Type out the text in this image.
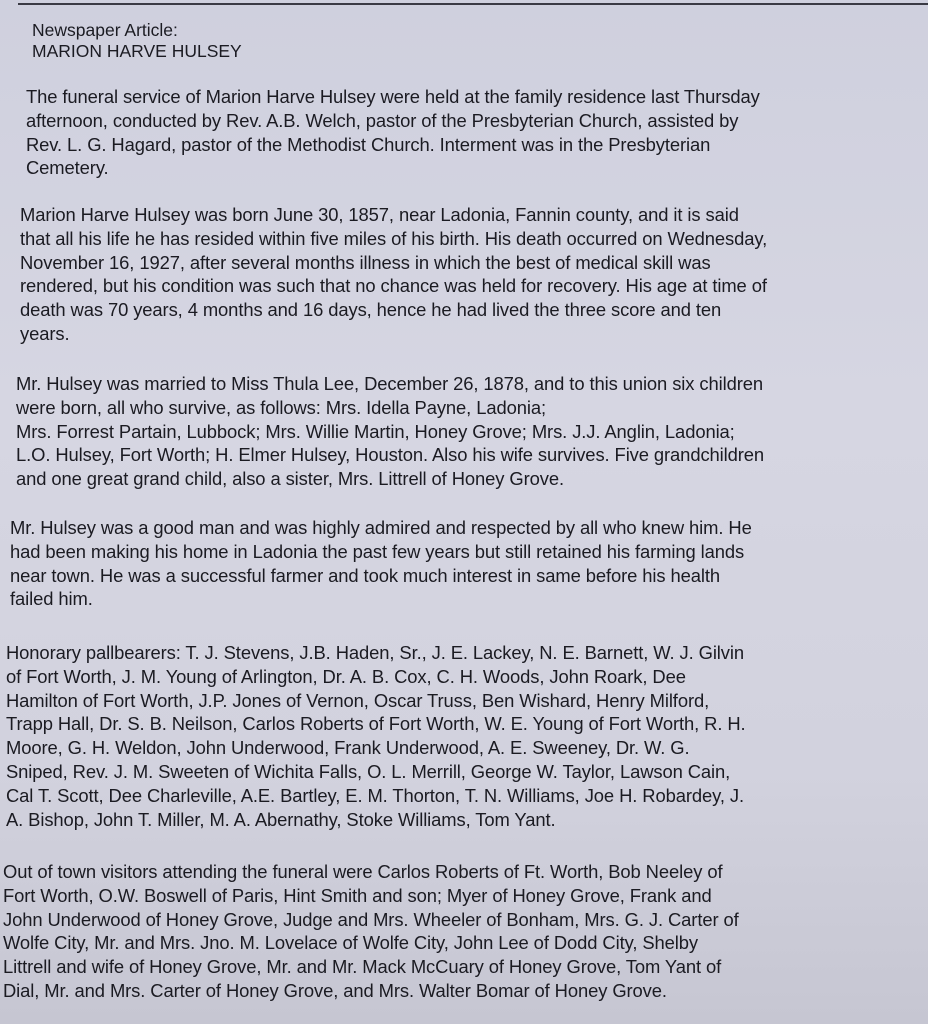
Newspaper Article:
MARION HARVE HULSEY
The funeral service of Marion Harve Hulsey were held at the family residence last Thursday
afternoon, conducted by Rev. A.B. Welch, pastor of the Presbyterian Church, assisted by
Rev. L. G. Hagard, pastor of the Methodist Church. Interment was in the Presbyterian
Cemetery.
Marion Harve Hulsey was born June 30, 1857, near Ladonia, Fannin county, and it is said
that all his life he has resided within five miles of his birth. His death occurred on Wednesday,
November 16, 1927, after several months illness in which the best of medical skill was
rendered, but his condition was such that no chance was held for recovery. His age at time of
death was 70 years, 4 months and 16 days, hence he had lived the three score and ten
years.
Mr. Hulsey was married to Miss Thula Lee, December 26, 1878, and to this union six children
were born, all who survive, as follows: Mrs. Idella Payne, Ladonia;
Mrs. Forrest Partain, Lubbock; Mrs. Willie Martin, Honey Grove; Mrs. J.J. Anglin, Ladonia;
L.O. Hulsey, Fort Worth; H. Elmer Hulsey, Houston. Also his wife survives. Five grandchildren
and one great grand child, also a sister, Mrs. Littrell of Honey Grove.
Mr. Hulsey was a good man and was highly admired and respected by all who knew him. He
had been making his home in Ladonia the past few years but still retained his farming lands
near town. He was a successful farmer and took much interest in same before his health
failed him.
Honorary pallbearers: T. J. Stevens, J.B. Haden, Sr., J. E. Lackey, N. E. Barnett, W. J. Gilvin
of Fort Worth, J. M. Young of Arlington, Dr. A. B. Cox, C. H. Woods, John Roark, Dee
Hamilton of Fort Worth, J.P. Jones of Vernon, Oscar Truss, Ben Wishard, Henry Milford,
Trapp Hall, Dr. S. B. Neilson, Carlos Roberts of Fort Worth, W. E. Young of Fort Worth, R. H.
Moore, G. H. Weldon, John Underwood, Frank Underwood, A. E. Sweeney, Dr. W. G.
Sniped, Rev. J. M. Sweeten of Wichita Falls, O. L. Merrill, George W. Taylor, Lawson Cain,
Cal T. Scott, Dee Charleville, A.E. Bartley, E. M. Thorton, T. N. Williams, Joe H. Robardey, J.
A. Bishop, John T. Miller, M. A. Abernathy, Stoke Williams, Tom Yant.
Out of town visitors attending the funeral were Carlos Roberts of Ft. Worth, Bob Neeley of
Fort Worth, O.W. Boswell of Paris, Hint Smith and son; Myer of Honey Grove, Frank and
John Underwood of Honey Grove, Judge and Mrs. Wheeler of Bonham, Mrs. G. J. Carter of
Wolfe City, Mr. and Mrs. Jno. M. Lovelace of Wolfe City, John Lee of Dodd City, Shelby
Littrell and wife of Honey Grove, Mr. and Mr. Mack McCuary of Honey Grove, Tom Yant of
Dial, Mr. and Mrs. Carter of Honey Grove, and Mrs. Walter Bomar of Honey Grove.
